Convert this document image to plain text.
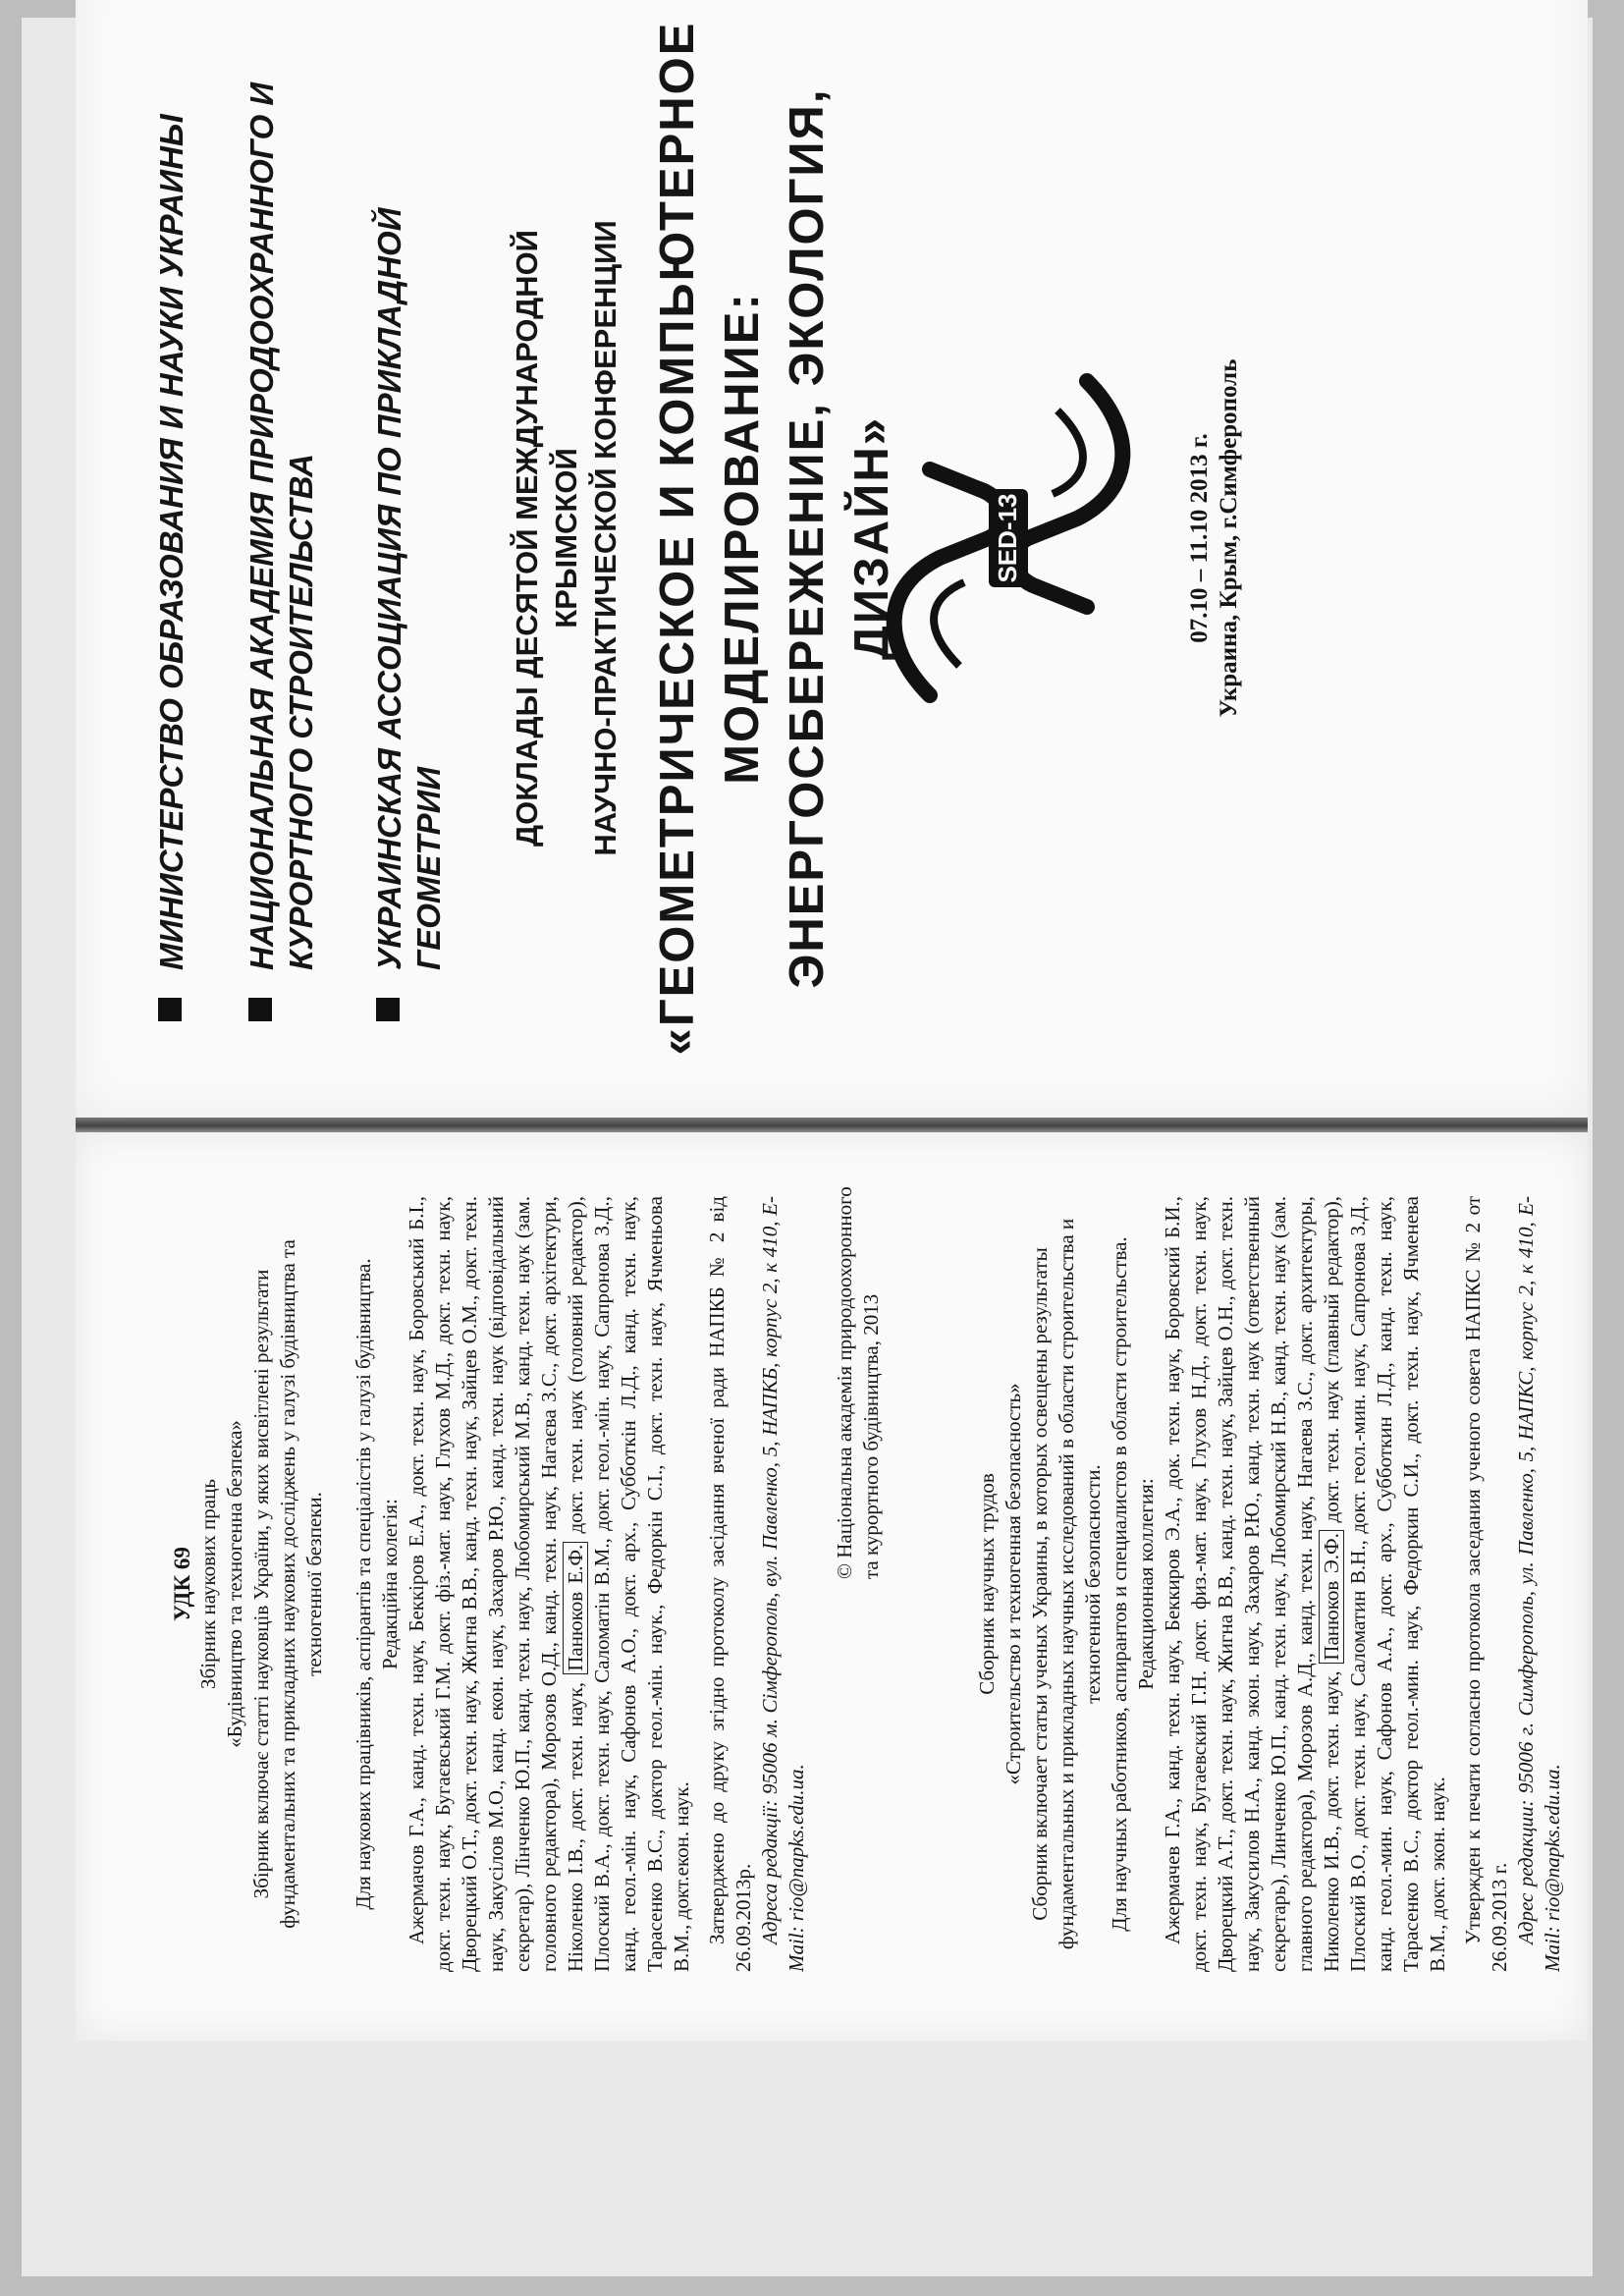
УДК 69 Збірник наукових праць «Будівництво та техногенна безпека» Збірник включає статті науковців України, у яких висвітлені результати фундаментальних та прикладних наукових досліджень у галузі будівництва та техногенної безпеки. Для наукових працівників, аспірантів та спеціалістів у галузі будівництва. Редакційна колегія: Ажермачов Г.А., канд. техн. наук, Беккіров Е.А., докт. техн. наук, Боровський Б.І., докт. техн. наук, Бугаєвський Г.М. докт. фіз.-мат. наук, Глухов М.Д., докт. техн. наук, Дворецкий О.Т., докт. техн. наук, Жигна В.В., канд. техн. наук, Зайцев О.М., докт. техн. наук, Закусілов М.О., канд. екон. наук, Захаров Р.Ю., канд. техн. наук (відповідальний секретар), Лінченко Ю.П., канд. техн. наук, Любомирський М.В., канд. техн. наук (зам. головного редактора), Морозов О.Д., канд. техн. наук, Нагаєва З.С., докт. архітектури, Ніколенко І.В., докт. техн. наук, Панюков Е.Ф. докт. техн. наук (головний редактор), Плоский В.А., докт. техн. наук, Саломатін В.М., докт. геол.-мін. наук, Сапронова З.Д., канд. геол.-мін. наук, Сафонов А.О., докт. арх., Субботкін Л.Д., канд. техн. наук, Тарасенко В.С., доктор геол.-мін. наук., Федоркін С.І., докт. техн. наук, Ячменьова В.М., докт.екон. наук. Затверджено до друку згідно протоколу засідання вченої ради НАПКБ № 2 від 26.09.2013р. Адреса редакції: 95006 м. Сімферополь, вул. Павленко, 5, НАПКБ, корпус 2, к 410, E-Mail: rio@napks.edu.ua.
© Національна академія природоохоронного та курортного будівництва, 2013
Сборник научных трудов «Строительство и техногенная безопасность» Сборник включает статьи ученых Украины, в которых освещены результаты фундаментальных и прикладных научных исследований в области строительства и техногенной безопасности. Для научных работников, аспирантов и специалистов в области строительства. Редакционная коллегия: Ажермачев Г.А., канд. техн. наук, Беккиров Э.А., док. техн. наук, Боровский Б.И., докт. техн. наук, Бугаевский Г.Н. докт. физ.-мат. наук, Глухов Н.Д., докт. техн. наук, Дворецкий А.Т., докт. техн. наук, Жигна В.В., канд. техн. наук, Зайцев О.Н., докт. техн. наук, Закусилов Н.А., канд. экон. наук, Захаров Р.Ю., канд. техн. наук (ответственный секретарь), Линченко Ю.П., канд. техн. наук, Любомирский Н.В., канд. техн. наук (зам. главного редактора), Морозов А.Д., канд. техн. наук, Нагаева З.С., докт. архитектуры, Николенко И.В., докт. техн. наук, Панюков Э.Ф. докт. техн. наук (главный редактор), Плоский В.О., докт. техн. наук, Саломатин В.Н., докт. геол.-мин. наук, Сапронова З.Д., канд. геол.-мин. наук, Сафонов А.А., докт. арх., Субботкин Л.Д., канд. техн. наук, Тарасенко В.С., доктор геол.-мин. наук, Федоркин С.И., докт. техн. наук, Ячменева В.М., докт. экон. наук. Утвержден к печати согласно протокола заседания ученого совета НАПКС № 2 от 26.09.2013 г. Адрес редакции: 95006 г. Симферополь, ул. Павленко, 5, НАПКС, корпус 2, к 410, E-Mail: rio@napks.edu.ua.
МИНИСТЕРСТВО ОБРАЗОВАНИЯ И НАУКИ УКРАИНЫ НАЦИОНАЛЬНАЯ АКАДЕМИЯ ПРИРОДООХРАННОГО И КУРОРТНОГО СТРОИТЕЛЬСТВА УКРАИНСКАЯ АССОЦИАЦИЯ ПО ПРИКЛАДНОЙ ГЕОМЕТРИИ
ДОКЛАДЫ ДЕСЯТОЙ МЕЖДУНАРОДНОЙ КРЫМСКОЙ НАУЧНО-ПРАКТИЧЕСКОЙ КОНФЕРЕНЦИИ «ГЕОМЕТРИЧЕСКОЕ И КОМПЬЮТЕРНОЕ МОДЕЛИРОВАНИЕ: ЭНЕРГОСБЕРЕЖЕНИЕ, ЭКОЛОГИЯ, ДИЗАЙН»	SED-13	07.10 – 11.10 2013 г. Украина, Крым, г.Симферополь
